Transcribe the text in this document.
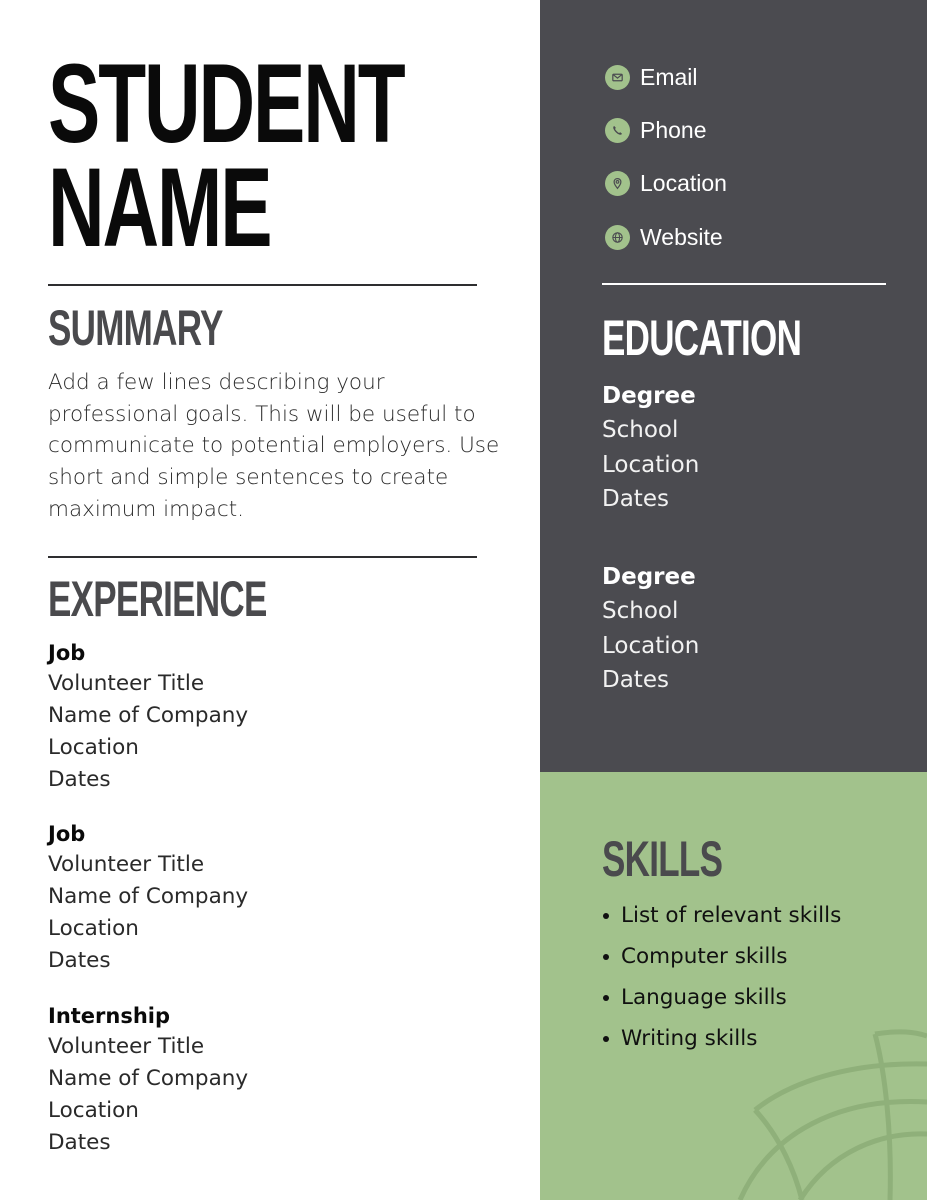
STUDENT
NAME
SUMMARY
Add a few lines describing your professional goals. This will be useful to communicate to potential employers. Use short and simple sentences to create maximum impact.
EXPERIENCE
Job
Volunteer Title
Name of Company
Location
Dates
Job
Volunteer Title
Name of Company
Location
Dates
Internship
Volunteer Title
Name of Company
Location
Dates
Email
Phone
Location
Website
EDUCATION
Degree
School
Location
Dates
Degree
School
Location
Dates
SKILLS
List of relevant skills
Computer skills
Language skills
Writing skills
